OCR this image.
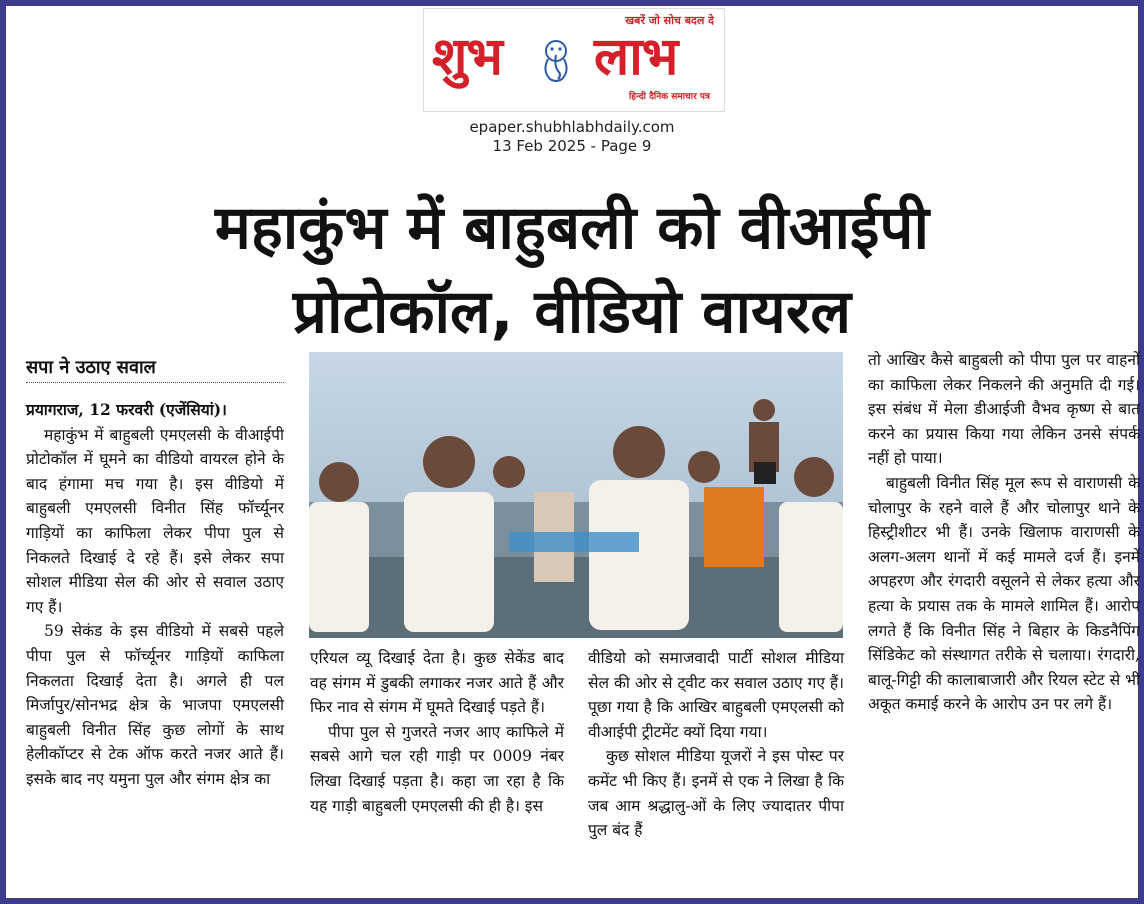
खबरें जो सोच बदल दे
शुभ लाभ
हिन्दी दैनिक समाचार पत्र
epaper.shubhlabhdaily.com
13 Feb 2025 - Page 9
महाकुंभ में बाहुबली को वीआईपी
प्रोटोकॉल, वीडियो वायरल
सपा ने उठाए सवाल

प्रयागराज, 12 फरवरी (एजेंसियां)।

महाकुंभ में बाहुबली एमएलसी के वीआईपी प्रोटोकॉल में घूमने का वीडियो वायरल होने के बाद हंगामा मच गया है। इस वीडियो में बाहुबली एमएलसी विनीत सिंह फॉर्च्यूनर गाड़ियों का काफिला लेकर पीपा पुल से निकलते दिखाई दे रहे हैं। इसे लेकर सपा सोशल मीडिया सेल की ओर से सवाल उठाए गए हैं।

59 सेकंड के इस वीडियो में सबसे पहले पीपा पुल से फॉर्च्यूनर गाड़ियों काफिला निकलता दिखाई देता है। अगले ही पल मिर्जापुर/सोनभद्र क्षेत्र के भाजपा एमएलसी बाहुबली विनीत सिंह कुछ लोगों के साथ हेलीकॉप्टर से टेक ऑफ करते नजर आते हैं। इसके बाद नए यमुना पुल और संगम क्षेत्र का

एरियल व्यू दिखाई देता है। कुछ सेकेंड बाद वह संगम में डुबकी लगाकर नजर आते हैं और फिर नाव से संगम में घूमते दिखाई पड़ते हैं।

पीपा पुल से गुजरते नजर आए काफिले में सबसे आगे चल रही गाड़ी पर 0009 नंबर लिखा दिखाई पड़ता है। कहा जा रहा है कि यह गाड़ी बाहुबली एमएलसी की ही है। इस

वीडियो को समाजवादी पार्टी सोशल मीडिया सेल की ओर से ट्वीट कर सवाल उठाए गए हैं। पूछा गया है कि आखिर बाहुबली एमएलसी को वीआईपी ट्रीटमेंट क्यों दिया गया।

कुछ सोशल मीडिया यूजरों ने इस पोस्ट पर कमेंट भी किए हैं। इनमें से एक ने लिखा है कि जब आम श्रद्धालु-ओं के लिए ज्यादातर पीपा पुल बंद हैं

तो आखिर कैसे बाहुबली को पीपा पुल पर वाहनों का काफिला लेकर निकलने की अनुमति दी गई। इस संबंध में मेला डीआईजी वैभव कृष्ण से बात करने का प्रयास किया गया लेकिन उनसे संपर्क नहीं हो पाया।

बाहुबली विनीत सिंह मूल रूप से वाराणसी के चोलापुर के रहने वाले हैं और चोलापुर थाने के हिस्ट्रीशीटर भी हैं। उनके खिलाफ वाराणसी के अलग-अलग थानों में कई मामले दर्ज हैं। इनमें अपहरण और रंगदारी वसूलने से लेकर हत्या और हत्या के प्रयास तक के मामले शामिल हैं। आरोप लगते हैं कि विनीत सिंह ने बिहार के किडनैपिंग सिंडिकेट को संस्थागत तरीके से चलाया। रंगदारी, बालू-गिट्टी की कालाबाजारी और रियल स्टेट से भी अकूत कमाई करने के आरोप उन पर लगे हैं।
